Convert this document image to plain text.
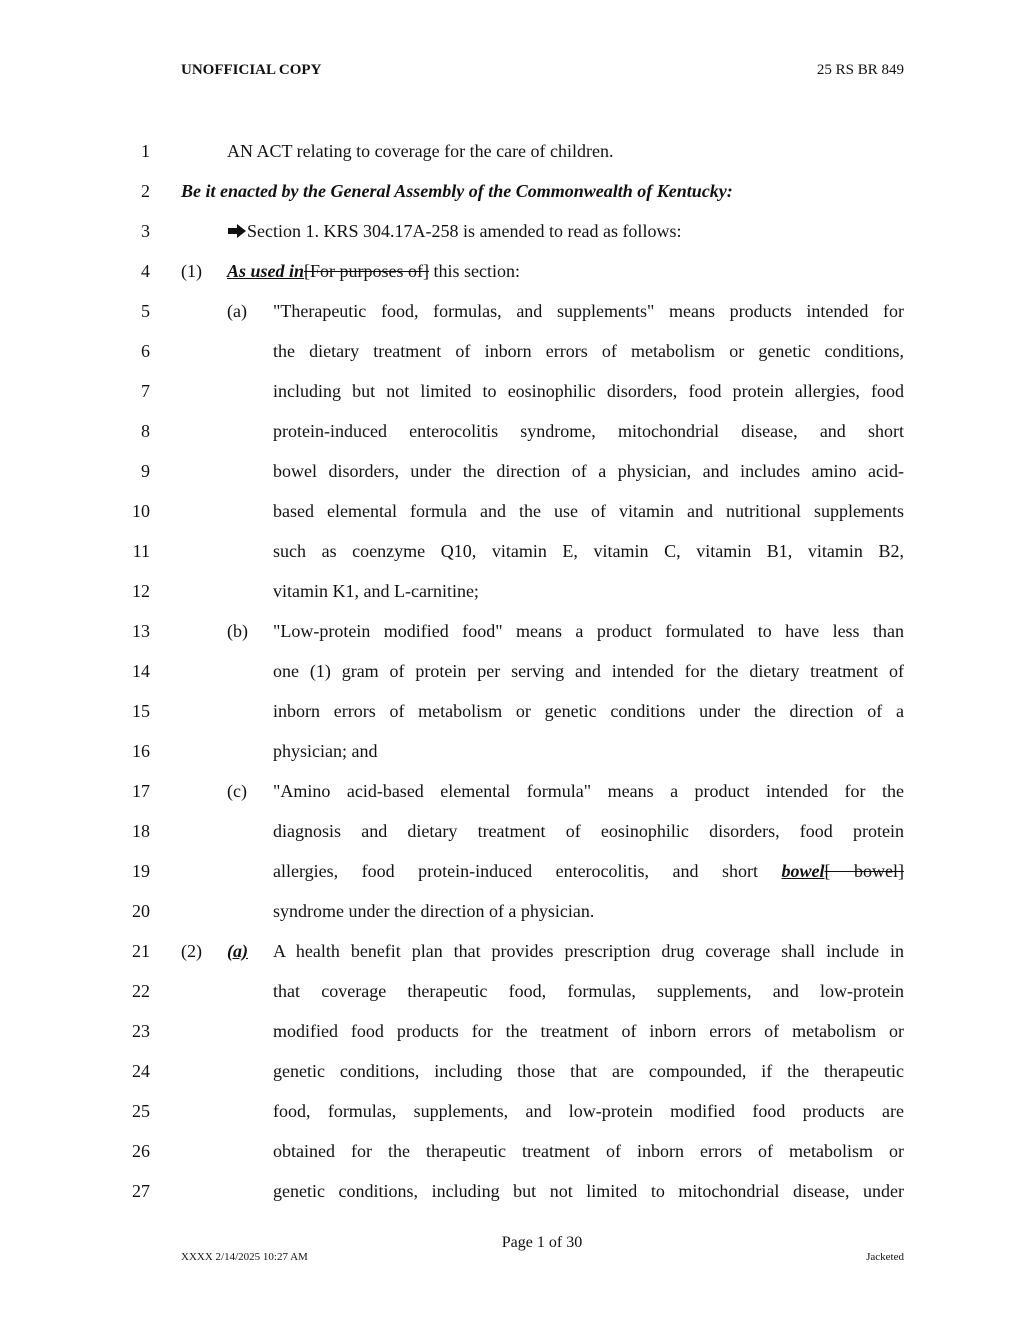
UNOFFICIAL COPY	25 RS BR 849
1	AN ACT relating to coverage for the care of children.
2 Be it enacted by the General Assembly of the Commonwealth of Kentucky:
3	Section 1. KRS 304.17A-258 is amended to read as follows:
4 (1) As used in[For purposes of] this section:
5	(a) "Therapeutic food, formulas, and supplements" means products intended for
6	the dietary treatment of inborn errors of metabolism or genetic conditions,
7	including but not limited to eosinophilic disorders, food protein allergies, food
8	protein-induced enterocolitis syndrome, mitochondrial disease, and short
9	bowel disorders, under the direction of a physician, and includes amino acid-
10	based elemental formula and the use of vitamin and nutritional supplements
11	such as coenzyme Q10, vitamin E, vitamin C, vitamin B1, vitamin B2,
12	vitamin K1, and L-carnitine;
13	(b) "Low-protein modified food" means a product formulated to have less than
14	one (1) gram of protein per serving and intended for the dietary treatment of
15	inborn errors of metabolism or genetic conditions under the direction of a
16	physician; and
17	(c) "Amino acid-based elemental formula" means a product intended for the
18	diagnosis and dietary treatment of eosinophilic disorders, food protein
19	allergies, food protein-induced enterocolitis, and short bowel[ bowel]
20	syndrome under the direction of a physician.
21 (2) (a) A health benefit plan that provides prescription drug coverage shall include in
22	that coverage therapeutic food, formulas, supplements, and low-protein
23	modified food products for the treatment of inborn errors of metabolism or
24	genetic conditions, including those that are compounded, if the therapeutic
25	food, formulas, supplements, and low-protein modified food products are
26	obtained for the therapeutic treatment of inborn errors of metabolism or
27	genetic conditions, including but not limited to mitochondrial disease, under
Page 1 of 30
XXXX 2/14/2025 10:27 AM	Jacketed
